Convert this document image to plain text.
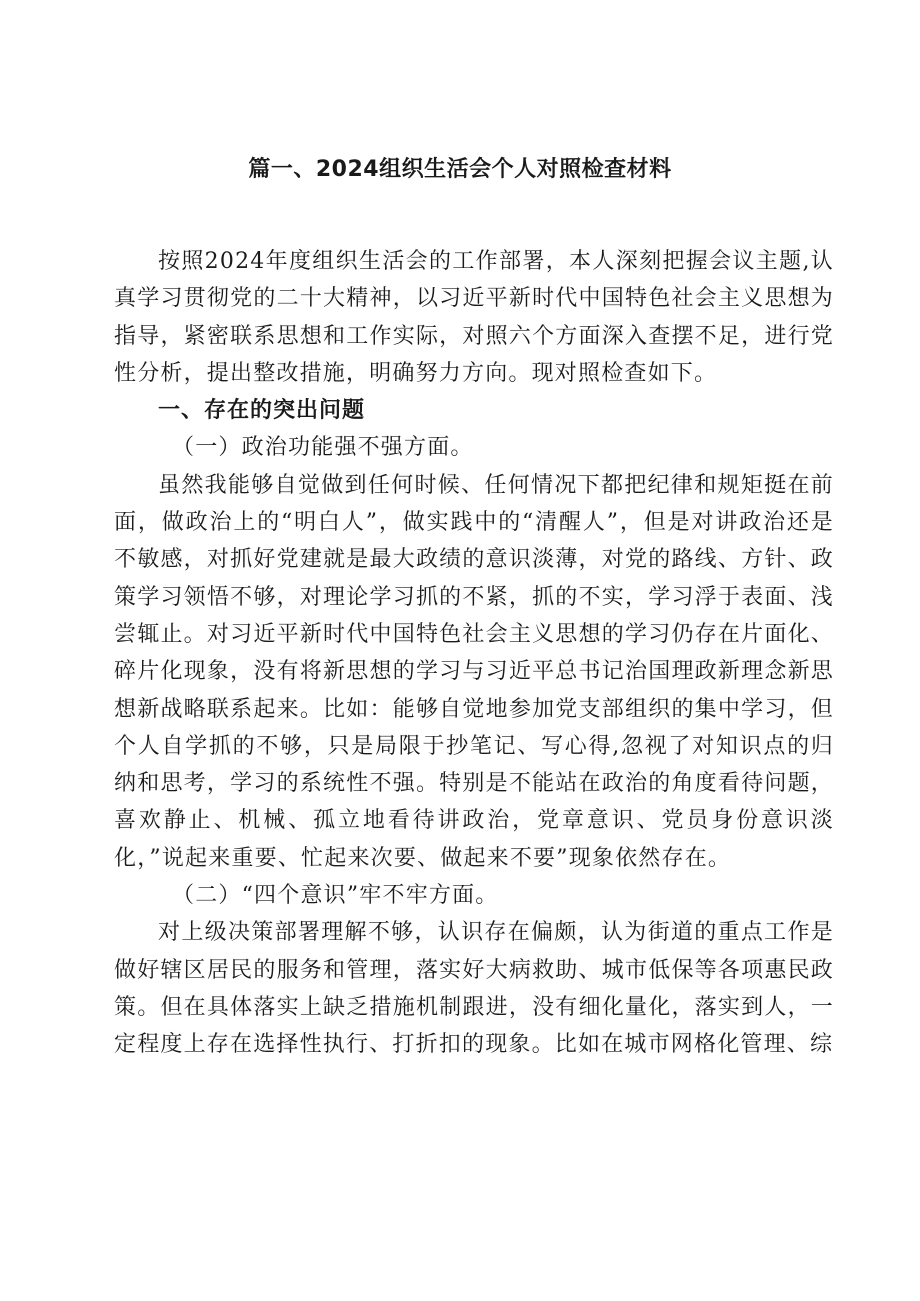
篇一、2024组织生活会个人对照检查材料

按照2024年度组织生活会的工作部署，本人深刻把握会议主题,认真学习贯彻党的二十大精神，以习近平新时代中国特色社会主义思想为指导，紧密联系思想和工作实际，对照六个方面深入查摆不足，进行党性分析，提出整改措施，明确努力方向。现对照检查如下。

一、存在的突出问题

（一）政治功能强不强方面。

虽然我能够自觉做到任何时候、任何情况下都把纪律和规矩挺在前面，做政治上的“明白人”，做实践中的“清醒人”，但是对讲政治还是不敏感，对抓好党建就是最大政绩的意识淡薄，对党的路线、方针、政策学习领悟不够，对理论学习抓的不紧，抓的不实，学习浮于表面、浅尝辄止。对习近平新时代中国特色社会主义思想的学习仍存在片面化、碎片化现象，没有将新思想的学习与习近平总书记治国理政新理念新思想新战略联系起来。比如：能够自觉地参加党支部组织的集中学习，但个人自学抓的不够，只是局限于抄笔记、写心得,忽视了对知识点的归纳和思考，学习的系统性不强。特别是不能站在政治的角度看待问题，喜欢静止、机械、孤立地看待讲政治，党章意识、党员身份意识淡化，”说起来重要、忙起来次要、做起来不要”现象依然存在。

（二）“四个意识”牢不牢方面。

对上级决策部署理解不够，认识存在偏颇，认为街道的重点工作是做好辖区居民的服务和管理，落实好大病救助、城市低保等各项惠民政策。但在具体落实上缺乏措施机制跟进，没有细化量化，落实到人，一定程度上存在选择性执行、打折扣的现象。比如在城市网格化管理、综
